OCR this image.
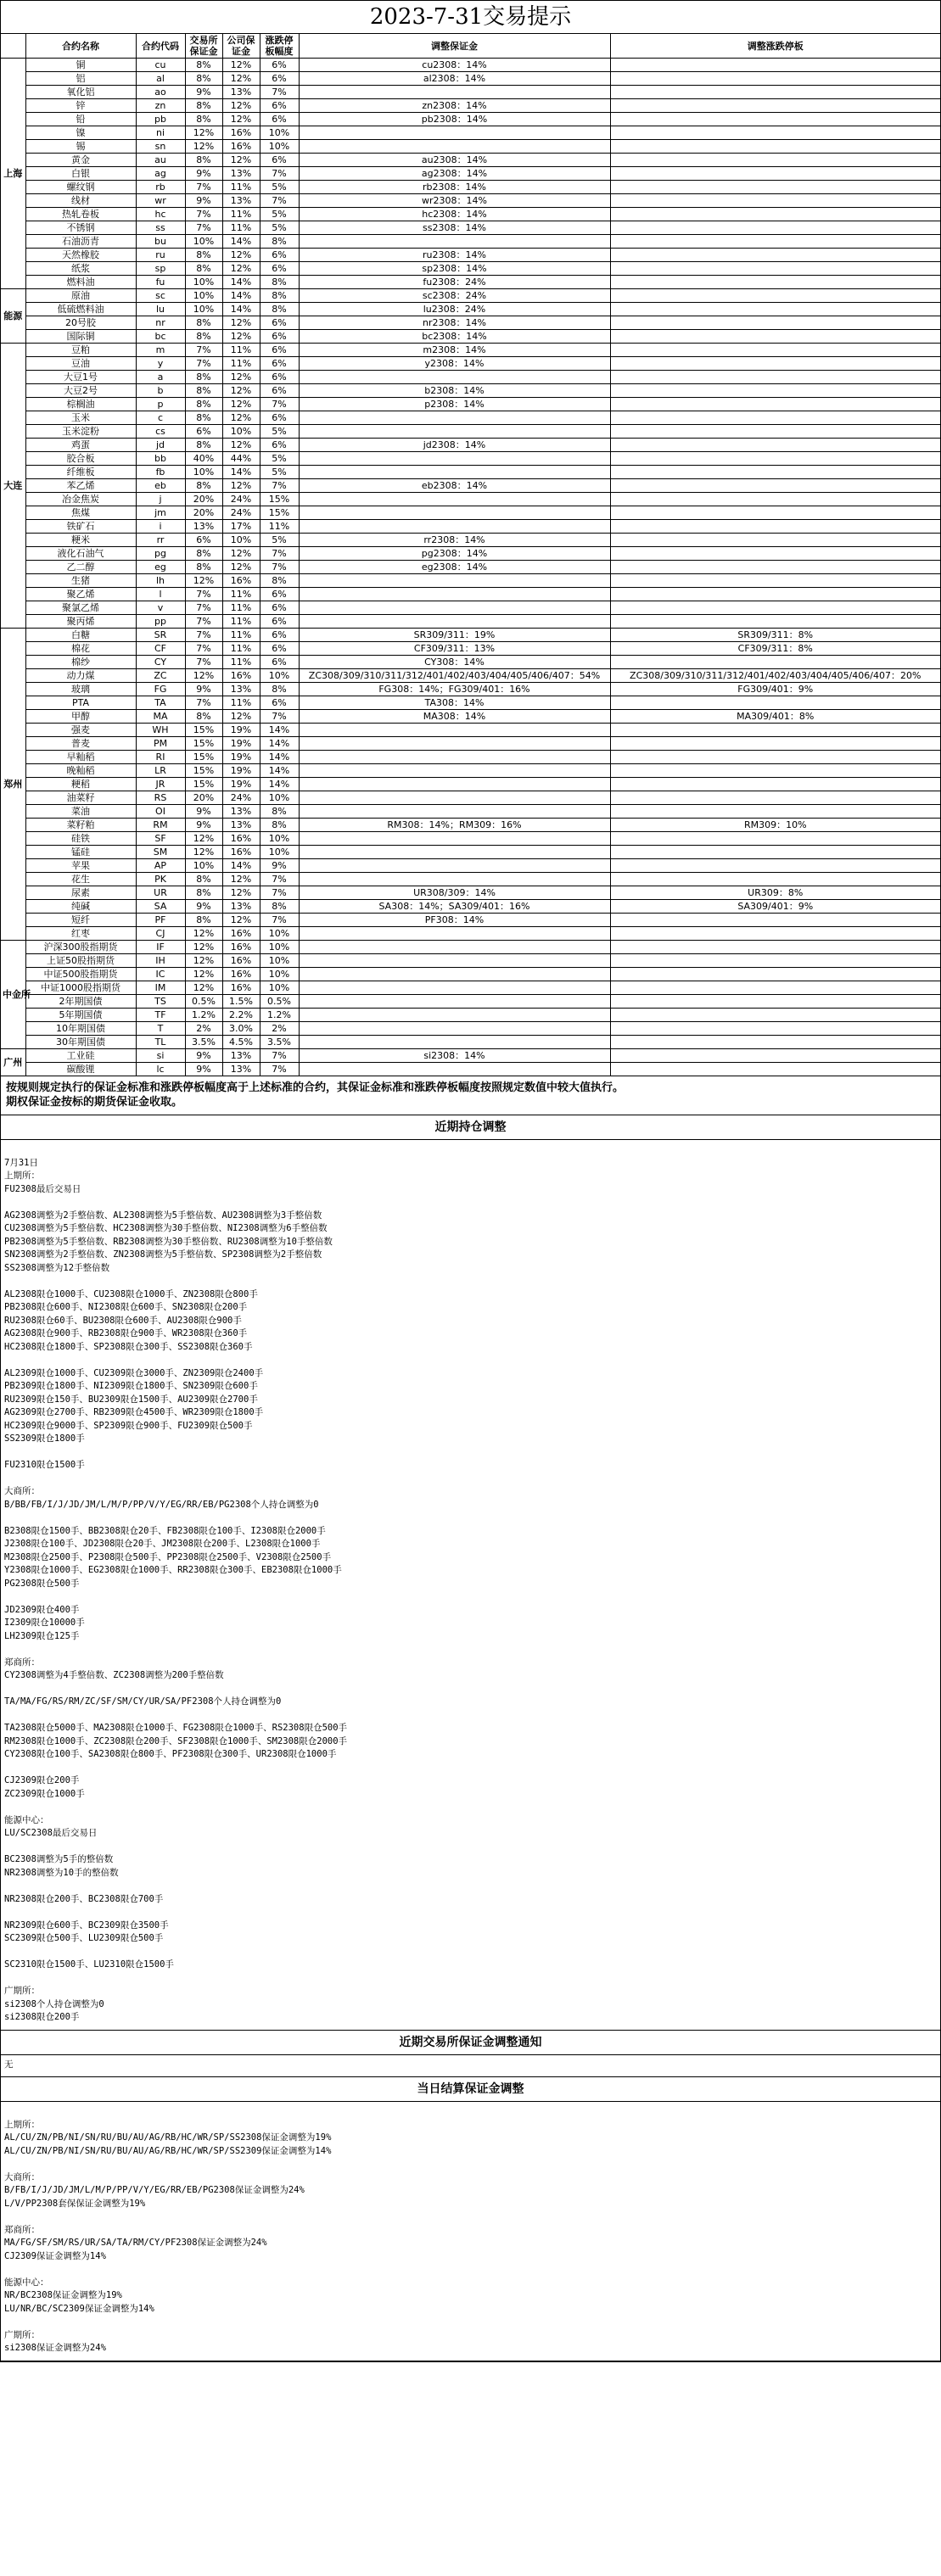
2023-7-31交易提示
	合约名称	合约代码	交易所保证金	公司保证金	涨跌停板幅度	调整保证金	调整涨跌停板
上海	铜	cu	8%	12%	6%	cu2308：14%	
	铝	al	8%	12%	6%	al2308：14%	
	氧化铝	ao	9%	13%	7%		
	锌	zn	8%	12%	6%	zn2308：14%	
	铅	pb	8%	12%	6%	pb2308：14%	
	镍	ni	12%	16%	10%		
	锡	sn	12%	16%	10%		
	黄金	au	8%	12%	6%	au2308：14%	
	白银	ag	9%	13%	7%	ag2308：14%	
	螺纹钢	rb	7%	11%	5%	rb2308：14%	
	线材	wr	9%	13%	7%	wr2308：14%	
	热轧卷板	hc	7%	11%	5%	hc2308：14%	
	不锈钢	ss	7%	11%	5%	ss2308：14%	
	石油沥青	bu	10%	14%	8%		
	天然橡胶	ru	8%	12%	6%	ru2308：14%	
	纸浆	sp	8%	12%	6%	sp2308：14%	
	燃料油	fu	10%	14%	8%	fu2308：24%	
能源	原油	sc	10%	14%	8%	sc2308：24%	
	低硫燃料油	lu	10%	14%	8%	lu2308：24%	
	20号胶	nr	8%	12%	6%	nr2308：14%	
	国际铜	bc	8%	12%	6%	bc2308：14%	
大连	豆粕	m	7%	11%	6%	m2308：14%	
	豆油	y	7%	11%	6%	y2308：14%	
	大豆1号	a	8%	12%	6%		
	大豆2号	b	8%	12%	6%	b2308：14%	
	棕榈油	p	8%	12%	7%	p2308：14%	
	玉米	c	8%	12%	6%		
	玉米淀粉	cs	6%	10%	5%		
	鸡蛋	jd	8%	12%	6%	jd2308：14%	
	胶合板	bb	40%	44%	5%		
	纤维板	fb	10%	14%	5%		
	苯乙烯	eb	8%	12%	7%	eb2308：14%	
	冶金焦炭	j	20%	24%	15%		
	焦煤	jm	20%	24%	15%		
	铁矿石	i	13%	17%	11%		
	粳米	rr	6%	10%	5%	rr2308：14%	
	液化石油气	pg	8%	12%	7%	pg2308：14%	
	乙二醇	eg	8%	12%	7%	eg2308：14%	
	生猪	lh	12%	16%	8%		
	聚乙烯	l	7%	11%	6%		
	聚氯乙烯	v	7%	11%	6%		
	聚丙烯	pp	7%	11%	6%		
郑州	白糖	SR	7%	11%	6%	SR309/311：19%	SR309/311：8%
	棉花	CF	7%	11%	6%	CF309/311：13%	CF309/311：8%
	棉纱	CY	7%	11%	6%	CY308：14%	
	动力煤	ZC	12%	16%	10%	ZC308/309/310/311/312/401/402/403/404/405/406/407：54%	ZC308/309/310/311/312/401/402/403/404/405/406/407：20%
	玻璃	FG	9%	13%	8%	FG308：14%；FG309/401：16%	FG309/401：9%
	PTA	TA	7%	11%	6%	TA308：14%	
	甲醇	MA	8%	12%	7%	MA308：14%	MA309/401：8%
	强麦	WH	15%	19%	14%		
	普麦	PM	15%	19%	14%		
	早籼稻	RI	15%	19%	14%		
	晚籼稻	LR	15%	19%	14%		
	粳稻	JR	15%	19%	14%		
	油菜籽	RS	20%	24%	10%		
	菜油	OI	9%	13%	8%		
	菜籽粕	RM	9%	13%	8%	RM308：14%；RM309：16%	RM309：10%
	硅铁	SF	12%	16%	10%		
	锰硅	SM	12%	16%	10%		
	苹果	AP	10%	14%	9%		
	花生	PK	8%	12%	7%		
	尿素	UR	8%	12%	7%	UR308/309：14%	UR309：8%
	纯碱	SA	9%	13%	8%	SA308：14%；SA309/401：16%	SA309/401：9%
	短纤	PF	8%	12%	7%	PF308：14%	
	红枣	CJ	12%	16%	10%		
中金所	沪深300股指期货	IF	12%	16%	10%		
	上证50股指期货	IH	12%	16%	10%		
	中证500股指期货	IC	12%	16%	10%		
	中证1000股指期货	IM	12%	16%	10%		
	2年期国债	TS	0.5%	1.5%	0.5%		
	5年期国债	TF	1.2%	2.2%	1.2%		
	10年期国债	T	2%	3.0%	2%		
	30年期国债	TL	3.5%	4.5%	3.5%		
广州	工业硅	si	9%	13%	7%	si2308：14%	
	碳酸锂	lc	9%	13%	7%		
按规则规定执行的保证金标准和涨跌停板幅度高于上述标准的合约，其保证金标准和涨跌停板幅度按照规定数值中较大值执行。
期权保证金按标的期货保证金收取。
近期持仓调整
7月31日
上期所：
FU2308最后交易日
AG2308调整为2手整倍数、AL2308调整为5手整倍数、AU2308调整为3手整倍数
CU2308调整为5手整倍数、HC2308调整为30手整倍数、NI2308调整为6手整倍数
PB2308调整为5手整倍数、RB2308调整为30手整倍数、RU2308调整为10手整倍数
SN2308调整为2手整倍数、ZN2308调整为5手整倍数、SP2308调整为2手整倍数
SS2308调整为12手整倍数
AL2308限仓1000手、CU2308限仓1000手、ZN2308限仓800手
PB2308限仓600手、NI2308限仓600手、SN2308限仓200手
RU2308限仓60手、BU2308限仓600手、AU2308限仓900手
AG2308限仓900手、RB2308限仓900手、WR2308限仓360手
HC2308限仓1800手、SP2308限仓300手、SS2308限仓360手
AL2309限仓1000手、CU2309限仓3000手、ZN2309限仓2400手
PB2309限仓1800手、NI2309限仓1800手、SN2309限仓600手
RU2309限仓150手、BU2309限仓1500手、AU2309限仓2700手
AG2309限仓2700手、RB2309限仓4500手、WR2309限仓1800手
HC2309限仓9000手、SP2309限仓900手、FU2309限仓500手
SS2309限仓1800手
FU2310限仓1500手
大商所：
B/BB/FB/I/J/JD/JM/L/M/P/PP/V/Y/EG/RR/EB/PG2308个人持仓调整为0
B2308限仓1500手、BB2308限仓20手、FB2308限仓100手、I2308限仓2000手
J2308限仓100手、JD2308限仓20手、JM2308限仓200手、L2308限仓1000手
M2308限仓2500手、P2308限仓500手、PP2308限仓2500手、V2308限仓2500手
Y2308限仓1000手、EG2308限仓1000手、RR2308限仓300手、EB2308限仓1000手
PG2308限仓500手
JD2309限仓400手
I2309限仓10000手
LH2309限仓125手
郑商所：
CY2308调整为4手整倍数、ZC2308调整为200手整倍数
TA/MA/FG/RS/RM/ZC/SF/SM/CY/UR/SA/PF2308个人持仓调整为0
TA2308限仓5000手、MA2308限仓1000手、FG2308限仓1000手、RS2308限仓500手
RM2308限仓1000手、ZC2308限仓200手、SF2308限仓1000手、SM2308限仓2000手
CY2308限仓100手、SA2308限仓800手、PF2308限仓300手、UR2308限仓1000手
CJ2309限仓200手
ZC2309限仓1000手
能源中心：
LU/SC2308最后交易日
BC2308调整为5手的整倍数
NR2308调整为10手的整倍数
NR2308限仓200手、BC2308限仓700手
NR2309限仓600手、BC2309限仓3500手
SC2309限仓500手、LU2309限仓500手
SC2310限仓1500手、LU2310限仓1500手
广期所：
si2308个人持仓调整为0
si2308限仓200手
近期交易所保证金调整通知
无
当日结算保证金调整
上期所：
AL/CU/ZN/PB/NI/SN/RU/BU/AU/AG/RB/HC/WR/SP/SS2308保证金调整为19%
AL/CU/ZN/PB/NI/SN/RU/BU/AU/AG/RB/HC/WR/SP/SS2309保证金调整为14%
大商所：
B/FB/I/J/JD/JM/L/M/P/PP/V/Y/EG/RR/EB/PG2308保证金调整为24%
L/V/PP2308套保保证金调整为19%
郑商所：
MA/FG/SF/SM/RS/UR/SA/TA/RM/CY/PF2308保证金调整为24%
CJ2309保证金调整为14%
能源中心：
NR/BC2308保证金调整为19%
LU/NR/BC/SC2309保证金调整为14%
广期所：
si2308保证金调整为24%
